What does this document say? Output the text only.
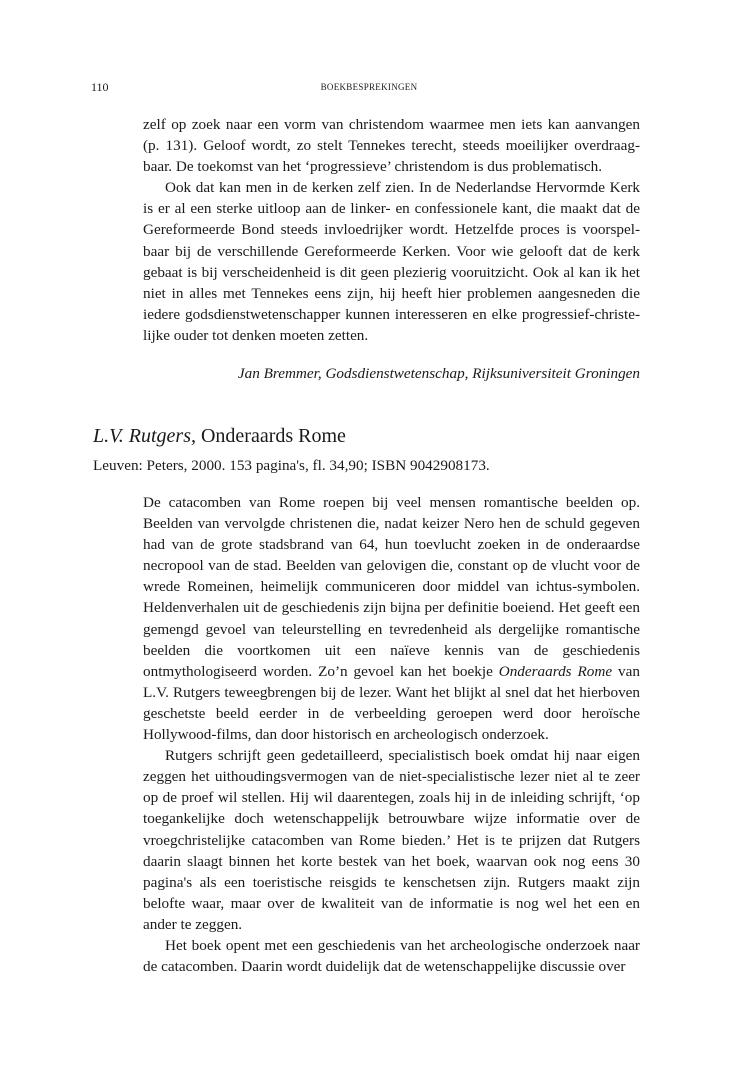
110	BOEKBESPREKINGEN

zelf op zoek naar een vorm van christendom waarmee men iets kan aanvangen (p. 131). Geloof wordt, zo stelt Tennekes terecht, steeds moeilijker overdraagbaar. De toekomst van het ‘progressieve’ christendom is dus problematisch.

Ook dat kan men in de kerken zelf zien. In de Nederlandse Hervormde Kerk is er al een sterke uitloop aan de linker- en confessionele kant, die maakt dat de Gereformeerde Bond steeds invloedrijker wordt. Hetzelfde proces is voorspelbaar bij de verschillende Gereformeerde Kerken. Voor wie gelooft dat de kerk gebaat is bij verscheidenheid is dit geen plezierig vooruitzicht. Ook al kan ik het niet in alles met Tennekes eens zijn, hij heeft hier problemen aangesneden die iedere godsdienstwetenschapper kunnen interesseren en elke progressief-christelijke ouder tot denken moeten zetten.

Jan Bremmer, Godsdienstwetenschap, Rijksuniversiteit Groningen
L.V. Rutgers, Onderaards Rome
Leuven: Peters, 2000. 153 pagina's, fl. 34,90; ISBN 9042908173.

De catacomben van Rome roepen bij veel mensen romantische beelden op. Beelden van vervolgde christenen die, nadat keizer Nero hen de schuld gegeven had van de grote stadsbrand van 64, hun toevlucht zoeken in de onderaardse necropool van de stad. Beelden van gelovigen die, constant op de vlucht voor de wrede Romeinen, heimelijk communiceren door middel van ichtus-symbolen. Heldenverhalen uit de geschiedenis zijn bijna per definitie boeiend. Het geeft een gemengd gevoel van teleurstelling en tevredenheid als dergelijke romantische beelden die voortkomen uit een naïeve kennis van de geschiedenis ontmythologiseerd worden. Zo’n gevoel kan het boekje Onderaards Rome van L.V. Rutgers teweegbrengen bij de lezer. Want het blijkt al snel dat het hierboven geschetste beeld eerder in de verbeelding geroepen werd door heroïsche Hollywood-films, dan door historisch en archeologisch onderzoek.

Rutgers schrijft geen gedetailleerd, specialistisch boek omdat hij naar eigen zeggen het uithoudingsvermogen van de niet-specialistische lezer niet al te zeer op de proef wil stellen. Hij wil daarentegen, zoals hij in de inleiding schrijft, ‘op toegankelijke doch wetenschappelijk betrouwbare wijze informatie over de vroegchristelijke catacomben van Rome bieden.’ Het is te prijzen dat Rutgers daarin slaagt binnen het korte bestek van het boek, waarvan ook nog eens 30 pagina's als een toeristische reisgids te kenschetsen zijn. Rutgers maakt zijn belofte waar, maar over de kwaliteit van de informatie is nog wel het een en ander te zeggen.

Het boek opent met een geschiedenis van het archeologische onderzoek naar de catacomben. Daarin wordt duidelijk dat de wetenschappelijke discussie over
